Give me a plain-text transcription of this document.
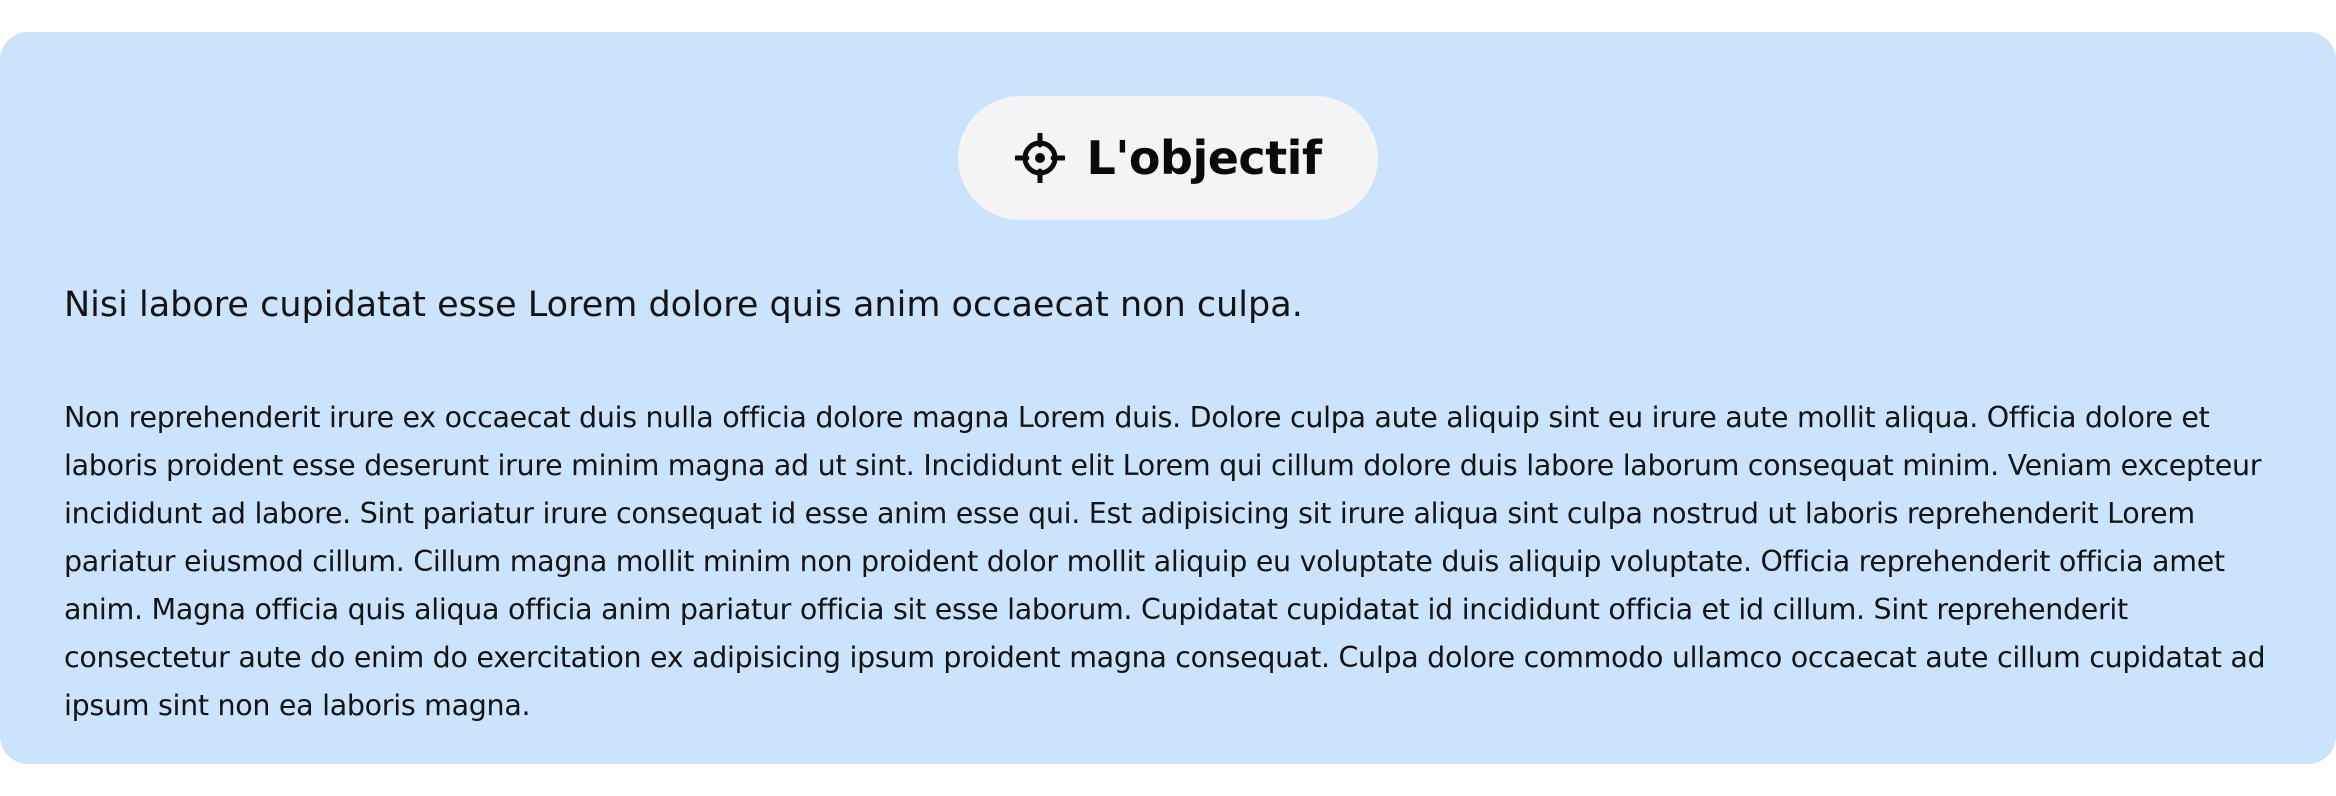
L'objectif
Nisi labore cupidatat esse Lorem dolore quis anim occaecat non culpa.

Non reprehenderit irure ex occaecat duis nulla officia dolore magna Lorem duis. Dolore culpa aute aliquip sint eu irure aute mollit aliqua. Officia dolore et laboris proident esse deserunt irure minim magna ad ut sint. Incididunt elit Lorem qui cillum dolore duis labore laborum consequat minim. Veniam excepteur incididunt ad labore. Sint pariatur irure consequat id esse anim esse qui. Est adipisicing sit irure aliqua sint culpa nostrud ut laboris reprehenderit Lorem pariatur eiusmod cillum. Cillum magna mollit minim non proident dolor mollit aliquip eu voluptate duis aliquip voluptate. Officia reprehenderit officia amet anim. Magna officia quis aliqua officia anim pariatur officia sit esse laborum. Cupidatat cupidatat id incididunt officia et id cillum. Sint reprehenderit consectetur aute do enim do exercitation ex adipisicing ipsum proident magna consequat. Culpa dolore commodo ullamco occaecat aute cillum cupidatat ad ipsum sint non ea laboris magna.
